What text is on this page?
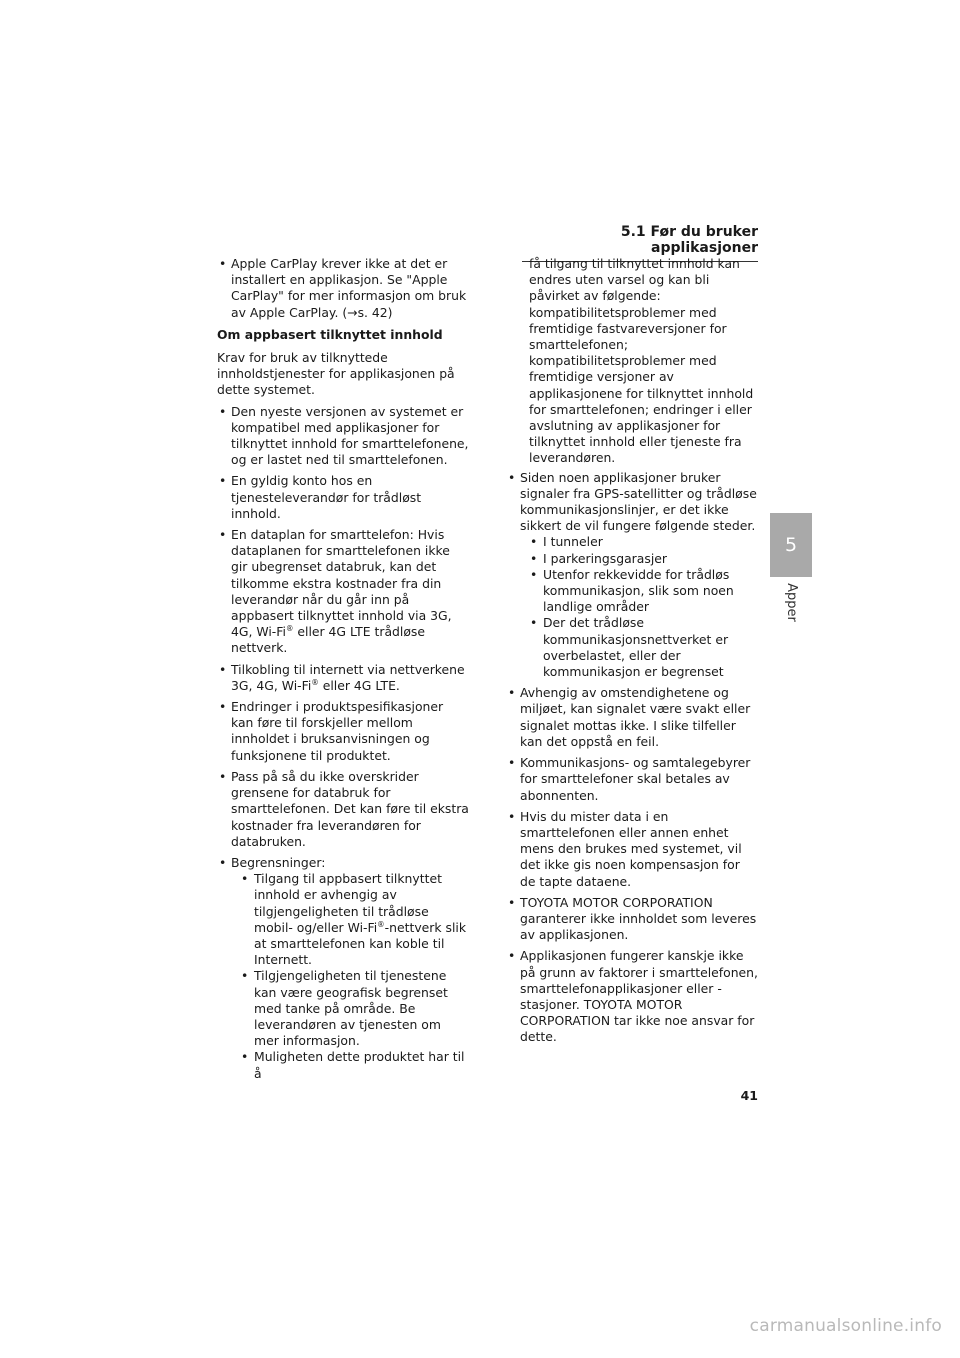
5.1 Før du bruker applikasjoner
• Apple CarPlay krever ikke at det er installert en applikasjon. Se "Apple CarPlay" for mer informasjon om bruk av Apple CarPlay. (→s. 42)
Om appbasert tilknyttet innhold
Krav for bruk av tilknyttede innholdstjenester for applikasjonen på dette systemet.
• Den nyeste versjonen av systemet er kompatibel med applikasjoner for tilknyttet innhold for smarttelefonene, og er lastet ned til smarttelefonen.
• En gyldig konto hos en tjenesteleverandør for trådløst innhold.
• En dataplan for smarttelefon: Hvis dataplanen for smarttelefonen ikke gir ubegrenset databruk, kan det tilkomme ekstra kostnader fra din leverandør når du går inn på appbasert tilknyttet innhold via 3G, 4G, Wi-Fi® eller 4G LTE trådløse nettverk.
• Tilkobling til internett via nettverkene 3G, 4G, Wi-Fi® eller 4G LTE.
• Endringer i produktspesifikasjoner kan føre til forskjeller mellom innholdet i bruksanvisningen og funksjonene til produktet.
• Pass på så du ikke overskrider grensene for databruk for smarttelefonen. Det kan føre til ekstra kostnader fra leverandøren for databruken.
• Begrensninger:
• Tilgang til appbasert tilknyttet innhold er avhengig av tilgjengeligheten til trådløse mobil- og/eller Wi-Fi®-nettverk slik at smarttelefonen kan koble til Internett.
• Tilgjengeligheten til tjenestene kan være geografisk begrenset med tanke på område. Be leverandøren av tjenesten om mer informasjon.
• Muligheten dette produktet har til å
få tilgang til tilknyttet innhold kan endres uten varsel og kan bli påvirket av følgende: kompatibilitetsproblemer med fremtidige fastvareversjoner for smarttelefonen; kompatibilitetsproblemer med fremtidige versjoner av applikasjonene for tilknyttet innhold for smarttelefonen; endringer i eller avslutning av applikasjoner for tilknyttet innhold eller tjeneste fra leverandøren.
• Siden noen applikasjoner bruker signaler fra GPS-satellitter og trådløse kommunikasjonslinjer, er det ikke sikkert de vil fungere følgende steder.
• I tunneler
• I parkeringsgarasjer
• Utenfor rekkevidde for trådløs kommunikasjon, slik som noen landlige områder
• Der det trådløse kommunikasjonsnettverket er overbelastet, eller der kommunikasjon er begrenset
• Avhengig av omstendighetene og miljøet, kan signalet være svakt eller signalet mottas ikke. I slike tilfeller kan det oppstå en feil.
• Kommunikasjons- og samtalegebyrer for smarttelefoner skal betales av abonnenten.
• Hvis du mister data i en smarttelefonen eller annen enhet mens den brukes med systemet, vil det ikke gis noen kompensasjon for de tapte dataene.
• TOYOTA MOTOR CORPORATION garanterer ikke innholdet som leveres av applikasjonen.
• Applikasjonen fungerer kanskje ikke på grunn av faktorer i smarttelefonen, smarttelefonapplikasjoner eller -stasjoner. TOYOTA MOTOR CORPORATION tar ikke noe ansvar for dette.
5
Apper
41
carmanualsonline.info
